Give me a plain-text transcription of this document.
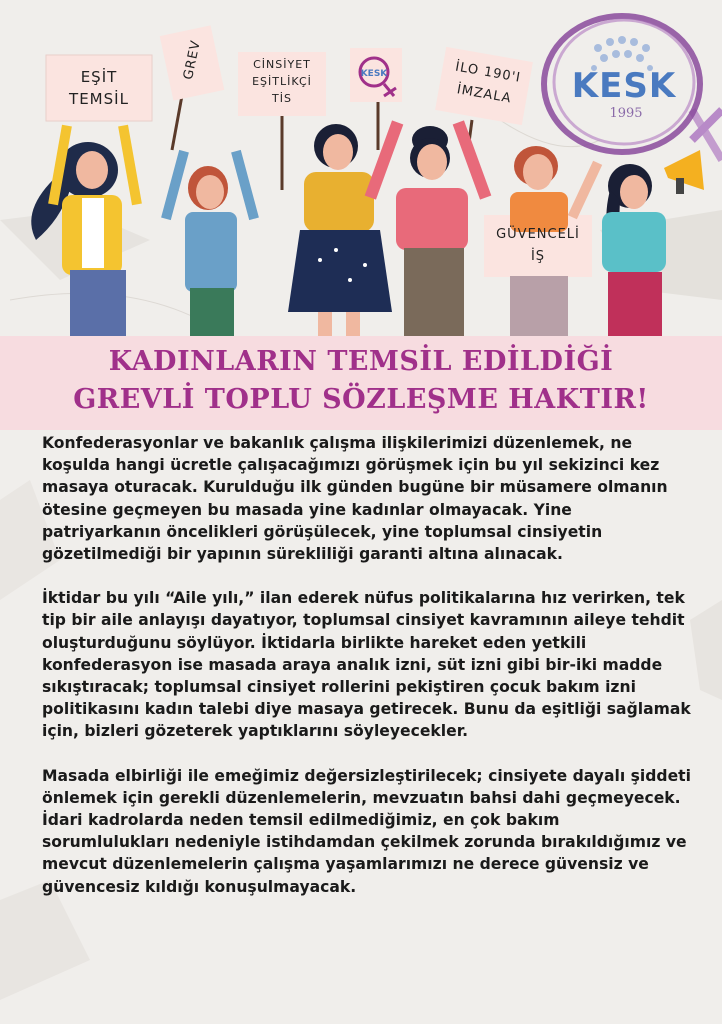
KESK
1995
EŞİT
TEMSİL
GREV	CİNSİYET
EŞİTLİKÇİ
TİS
KESK	İLO 190'I
İMZALA
GÜVENCELİ
İŞ
KADINLARIN TEMSİL EDİLDİĞİ
GREVLİ TOPLU SÖZLEŞME HAKTIR!

Konfederasyonlar ve bakanlık çalışma ilişkilerimizi düzenlemek, ne koşulda hangi ücretle çalışacağımızı görüşmek için bu yıl sekizinci kez masaya oturacak. Kurulduğu ilk günden bugüne bir müsamere olmanın ötesine geçmeyen bu masada yine kadınlar olmayacak. Yine patriyarkanın öncelikleri görüşülecek, yine toplumsal cinsiyetin gözetilmediği bir yapının sürekliliği garanti altına alınacak.

İktidar bu yılı “Aile yılı,” ilan ederek nüfus politikalarına hız verirken, tek tip bir aile anlayışı dayatıyor, toplumsal cinsiyet kavramının aileye tehdit oluşturduğunu söylüyor. İktidarla birlikte hareket eden yetkili konfederasyon ise masada araya analık izni, süt izni gibi bir-iki madde sıkıştıracak; toplumsal cinsiyet rollerini pekiştiren çocuk bakım izni politikasını kadın talebi diye masaya getirecek. Bunu da eşitliği sağlamak için, bizleri gözeterek yaptıklarını söyleyecekler.

Masada elbirliği ile emeğimiz değersizleştirilecek; cinsiyete dayalı şiddeti önlemek için gerekli düzenlemelerin, mevzuatın bahsi dahi geçmeyecek. İdari kadrolarda neden temsil edilmediğimiz, en çok bakım sorumlulukları nedeniyle istihdamdan çekilmek zorunda bırakıldığımız ve mevcut düzenlemelerin çalışma yaşamlarımızı ne derece güvensiz ve güvencesiz kıldığı konuşulmayacak.
